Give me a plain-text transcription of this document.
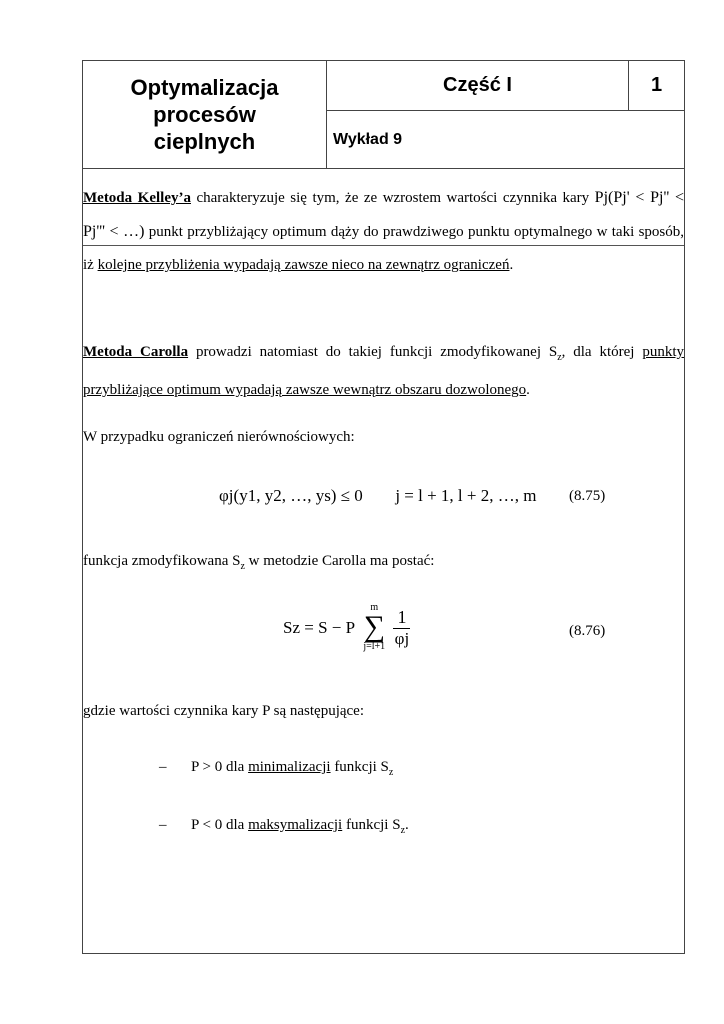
Optymalizacja
procesów
cieplnych
Część I	1
Wykład 9
Metoda Kelley’a charakteryzuje się tym, że ze wzrostem wartości czynnika kary Pj(Pj' < Pj'' < Pj''' < …) punkt przybliżający optimum dąży do prawdziwego punktu optymalnego w taki sposób, iż kolejne przybliżenia wypadają zawsze nieco na zewnątrz ograniczeń.
Metoda Carolla prowadzi natomiast do takiej funkcji zmodyfikowanej $S_z$, dla której punkty przybliżające optimum wypadają zawsze wewnątrz obszaru dozwolonego.
W przypadku ograniczeń nierównościowych:
φj(y1, y2, …, ys) ≤ 0 j = l + 1, l + 2, …, m (8.75)
funkcja zmodyfikowana $S_z$ w metodzie Carolla ma postać:
Sz = S − P
m
∑
j=l+1
$\frac{1}{\varphi j}$	(8.76)
gdzie wartości czynnika kary P są następujące:
– P > 0 dla minimalizacji funkcji $S_z$
– P < 0 dla maksymalizacji funkcji $S_z$.
